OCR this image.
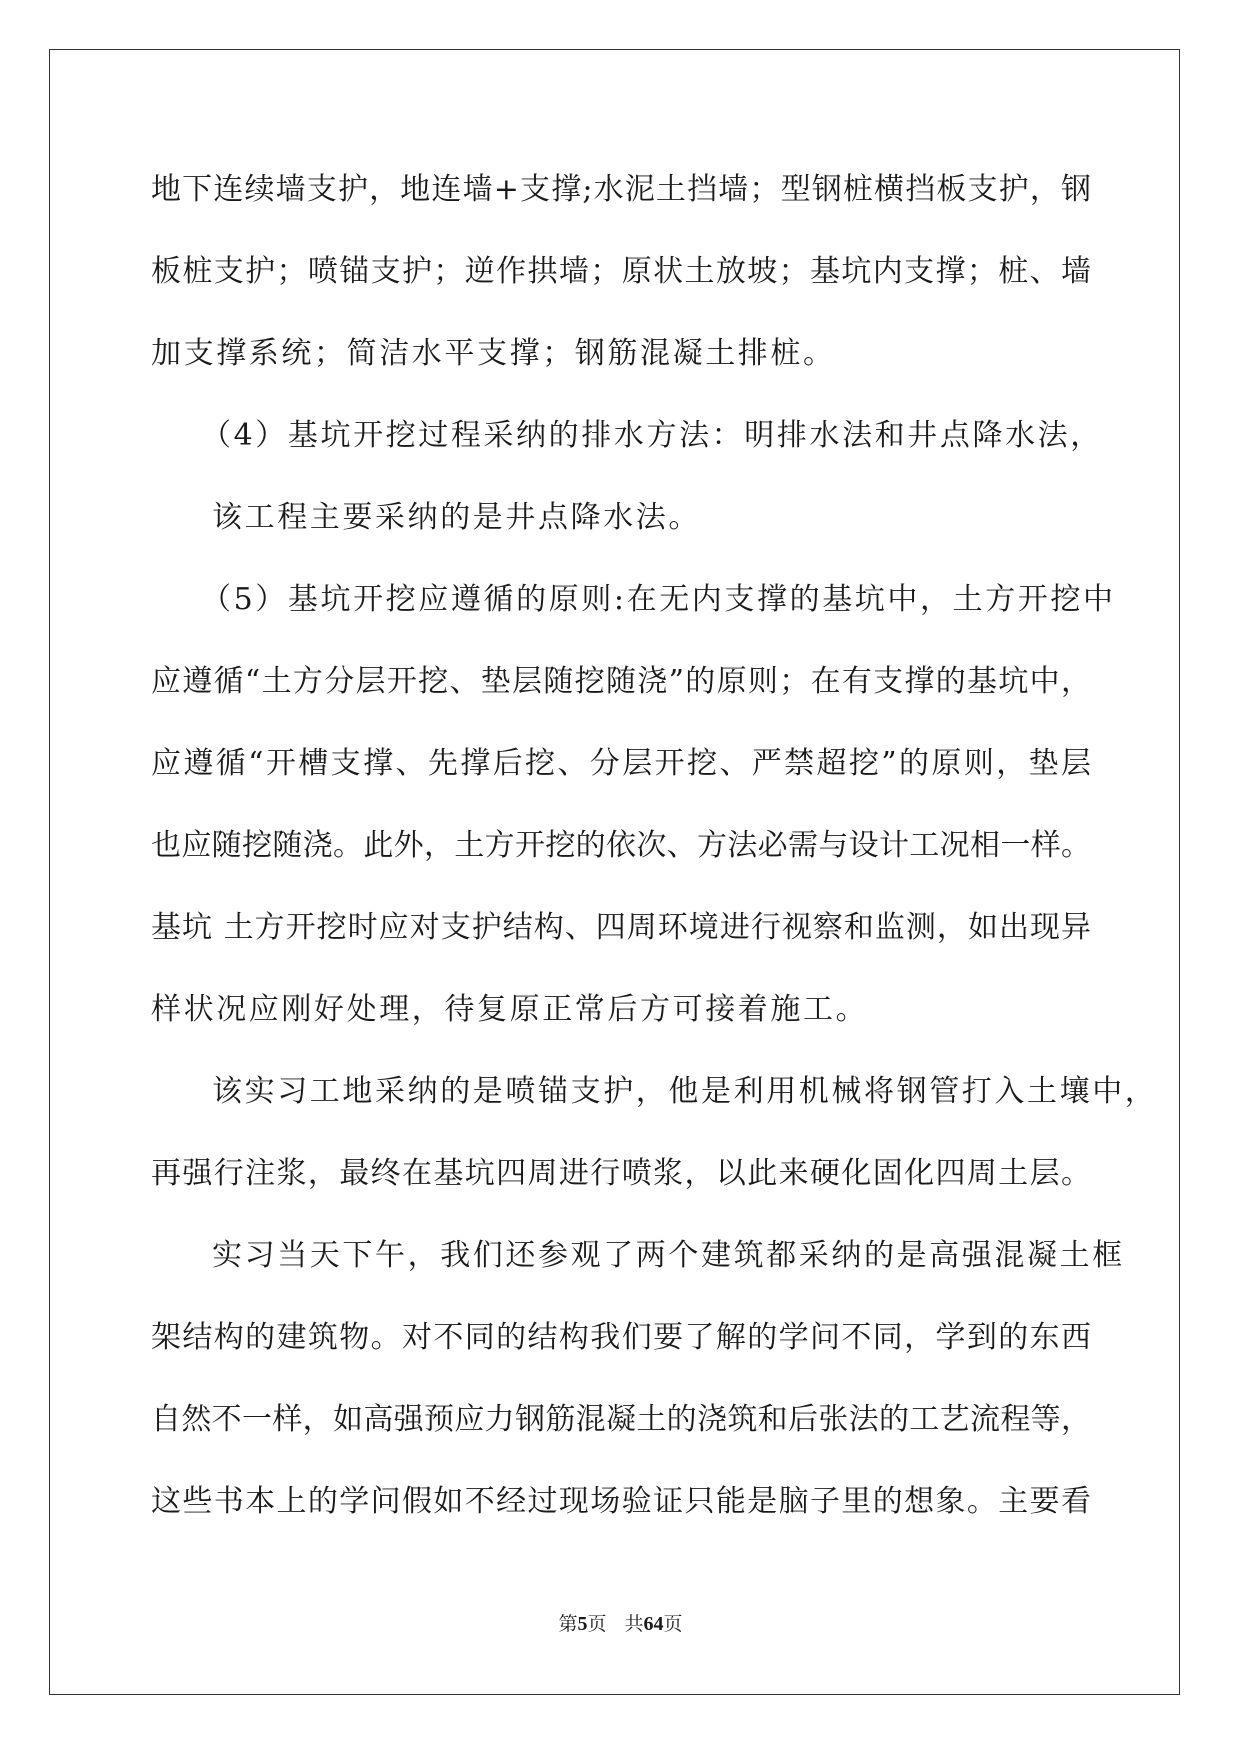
地下连续墙支护，地连墙+支撑;水泥土挡墙；型钢桩横挡板支护，钢
板桩支护；喷锚支护；逆作拱墙；原状土放坡；基坑内支撑；桩、墙
加支撑系统；简洁水平支撑；钢筋混凝土排桩。
（4）基坑开挖过程采纳的排水方法：明排水法和井点降水法，
该工程主要采纳的是井点降水法。
（5）基坑开挖应遵循的原则:在无内支撑的基坑中，土方开挖中
应遵循“土方分层开挖、垫层随挖随浇”的原则；在有支撑的基坑中，
应遵循“开槽支撑、先撑后挖、分层开挖、严禁超挖”的原则，垫层
也应随挖随浇。此外，土方开挖的依次、方法必需与设计工况相一样。
基坑 土方开挖时应对支护结构、四周环境进行视察和监测，如出现异
样状况应刚好处理，待复原正常后方可接着施工。
该实习工地采纳的是喷锚支护，他是利用机械将钢管打入土壤中，
再强行注浆，最终在基坑四周进行喷浆，以此来硬化固化四周土层。
实习当天下午，我们还参观了两个建筑都采纳的是高强混凝土框
架结构的建筑物。对不同的结构我们要了解的学问不同，学到的东西
自然不一样，如高强预应力钢筋混凝土的浇筑和后张法的工艺流程等，
这些书本上的学问假如不经过现场验证只能是脑子里的想象。主要看
第5页 共64页
